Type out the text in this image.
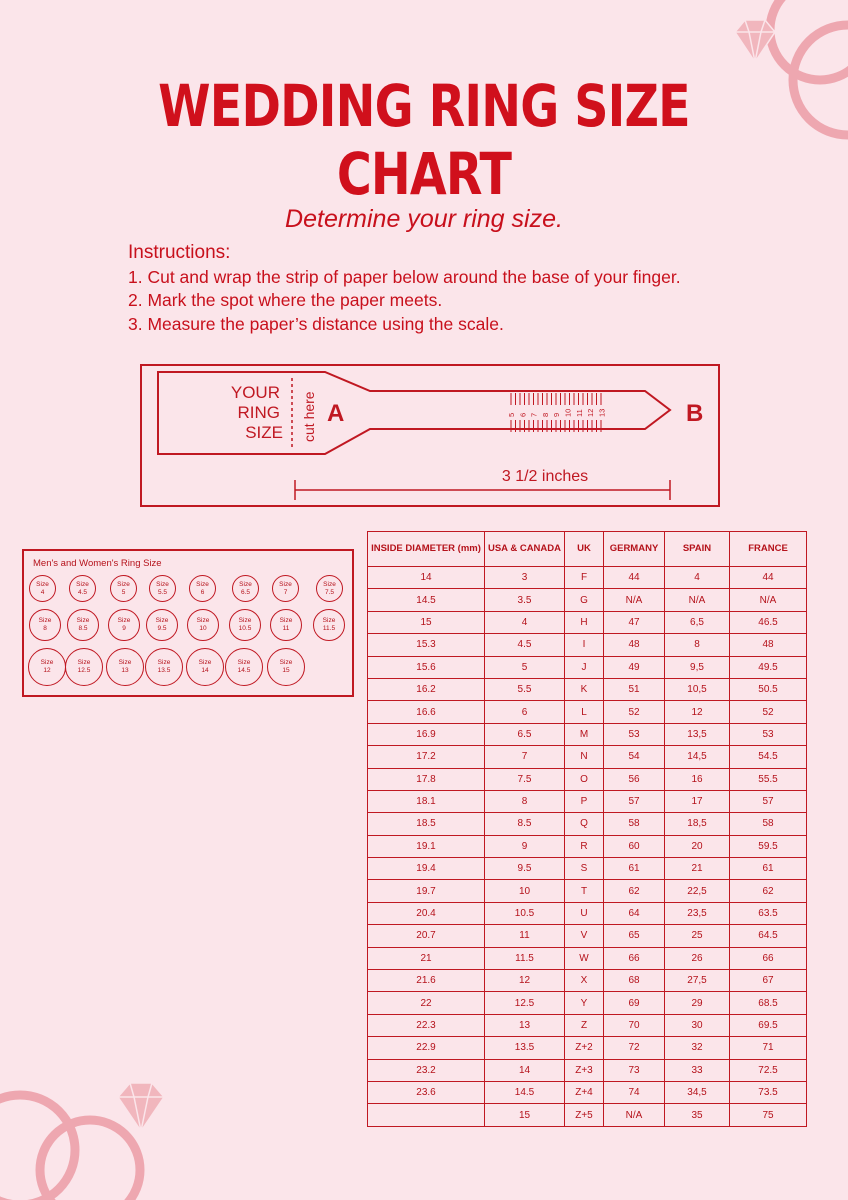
WEDDING RING SIZE CHART
Determine your ring size.
Instructions:
1. Cut and wrap the strip of paper below around the base of your finger.
2. Mark the spot where the paper meets.
3. Measure the paper’s distance using the scale.
YOUR
RING
SIZE cut here A	B
5 6 7 8 9 10 11 12 13
3 1/2 inches
Men's and Women's Ring Size
Size
4
Size
4.5
Size
5
Size
5.5
Size
6
Size
6.5
Size
7
Size
7.5
Size
8
Size
8.5
Size
9
Size
9.5
Size
10
Size
10.5
Size
11
Size
11.5
Size
12
Size
12.5
Size
13
Size
13.5
Size
14
Size
14.5
Size
15
INSIDE DIAMETER (mm)	USA & CANADA	UK	GERMANY	SPAIN	FRANCE
14	3	F	44	4	44
14.5	3.5	G	N/A	N/A	N/A
15	4	H	47	6,5	46.5
15.3	4.5	I	48	8	48
15.6	5	J	49	9,5	49.5
16.2	5.5	K	51	10,5	50.5
16.6	6	L	52	12	52
16.9	6.5	M	53	13,5	53
17.2	7	N	54	14,5	54.5
17.8	7.5	O	56	16	55.5
18.1	8	P	57	17	57
18.5	8.5	Q	58	18,5	58
19.1	9	R	60	20	59.5
19.4	9.5	S	61	21	61
19.7	10	T	62	22,5	62
20.4	10.5	U	64	23,5	63.5
20.7	11	V	65	25	64.5
21	11.5	W	66	26	66
21.6	12	X	68	27,5	67
22	12.5	Y	69	29	68.5
22.3	13	Z	70	30	69.5
22.9	13.5	Z+2	72	32	71
23.2	14	Z+3	73	33	72.5
23.6	14.5	Z+4	74	34,5	73.5
	15	Z+5	N/A	35	75
